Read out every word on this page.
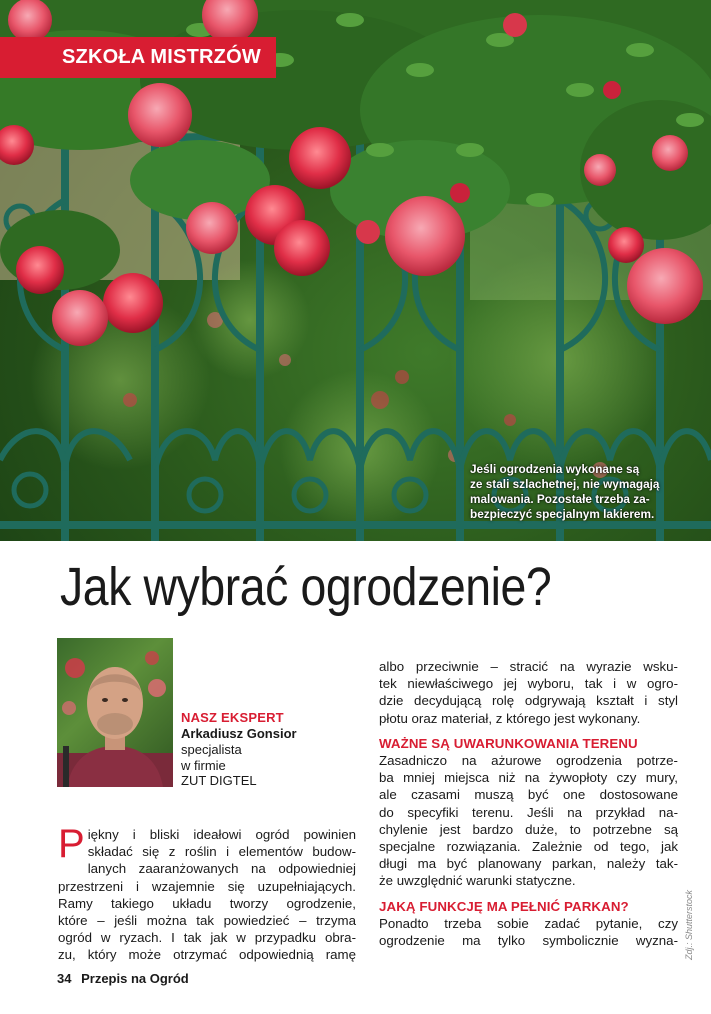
SZKOŁA MISTRZÓW
Jeśli ogrodzenia wykonane są
ze stali szlachetnej, nie wymagają
malowania. Pozostałe trzeba za-
bezpieczyć specjalnym lakierem.
Jak wybrać ogrodzenie?
NASZ EKSPERT
Arkadiusz Gonsior
specjalista
w firmie
ZUT DIGTEL
P iękny i bliski ideałowi ogród powinien
składać się z roślin i elementów budow-
lanych zaaranżowanych na odpowiedniej
przestrzeni i wzajemnie się uzupełniających.
Ramy takiego układu tworzy ogrodzenie,
które – jeśli można tak powiedzieć – trzyma
ogród w ryzach. I tak jak w przypadku obra-
zu, który może otrzymać odpowiednią ramę
albo przeciwnie – stracić na wyrazie wsku-
tek niewłaściwego jej wyboru, tak i w ogro-
dzie decydującą rolę odgrywają kształt i styl
płotu oraz materiał, z którego jest wykonany.
WAŻNE SĄ UWARUNKOWANIA TERENU
Zasadniczo na ażurowe ogrodzenia potrze-
ba mniej miejsca niż na żywopłoty czy mury,
ale czasami muszą być one dostosowane
do specyfiki terenu. Jeśli na przykład na-
chylenie jest bardzo duże, to potrzebne są
specjalne rozwiązania. Zależnie od tego, jak
długi ma być planowany parkan, należy tak-
że uwzględnić warunki statyczne.
JAKĄ FUNKCJĘ MA PEŁNIĆ PARKAN?
Ponadto trzeba sobie zadać pytanie, czy
ogrodzenie ma tylko symbolicznie wyzna-
34 Przepis na Ogród
Zdj.: Shutterstock
